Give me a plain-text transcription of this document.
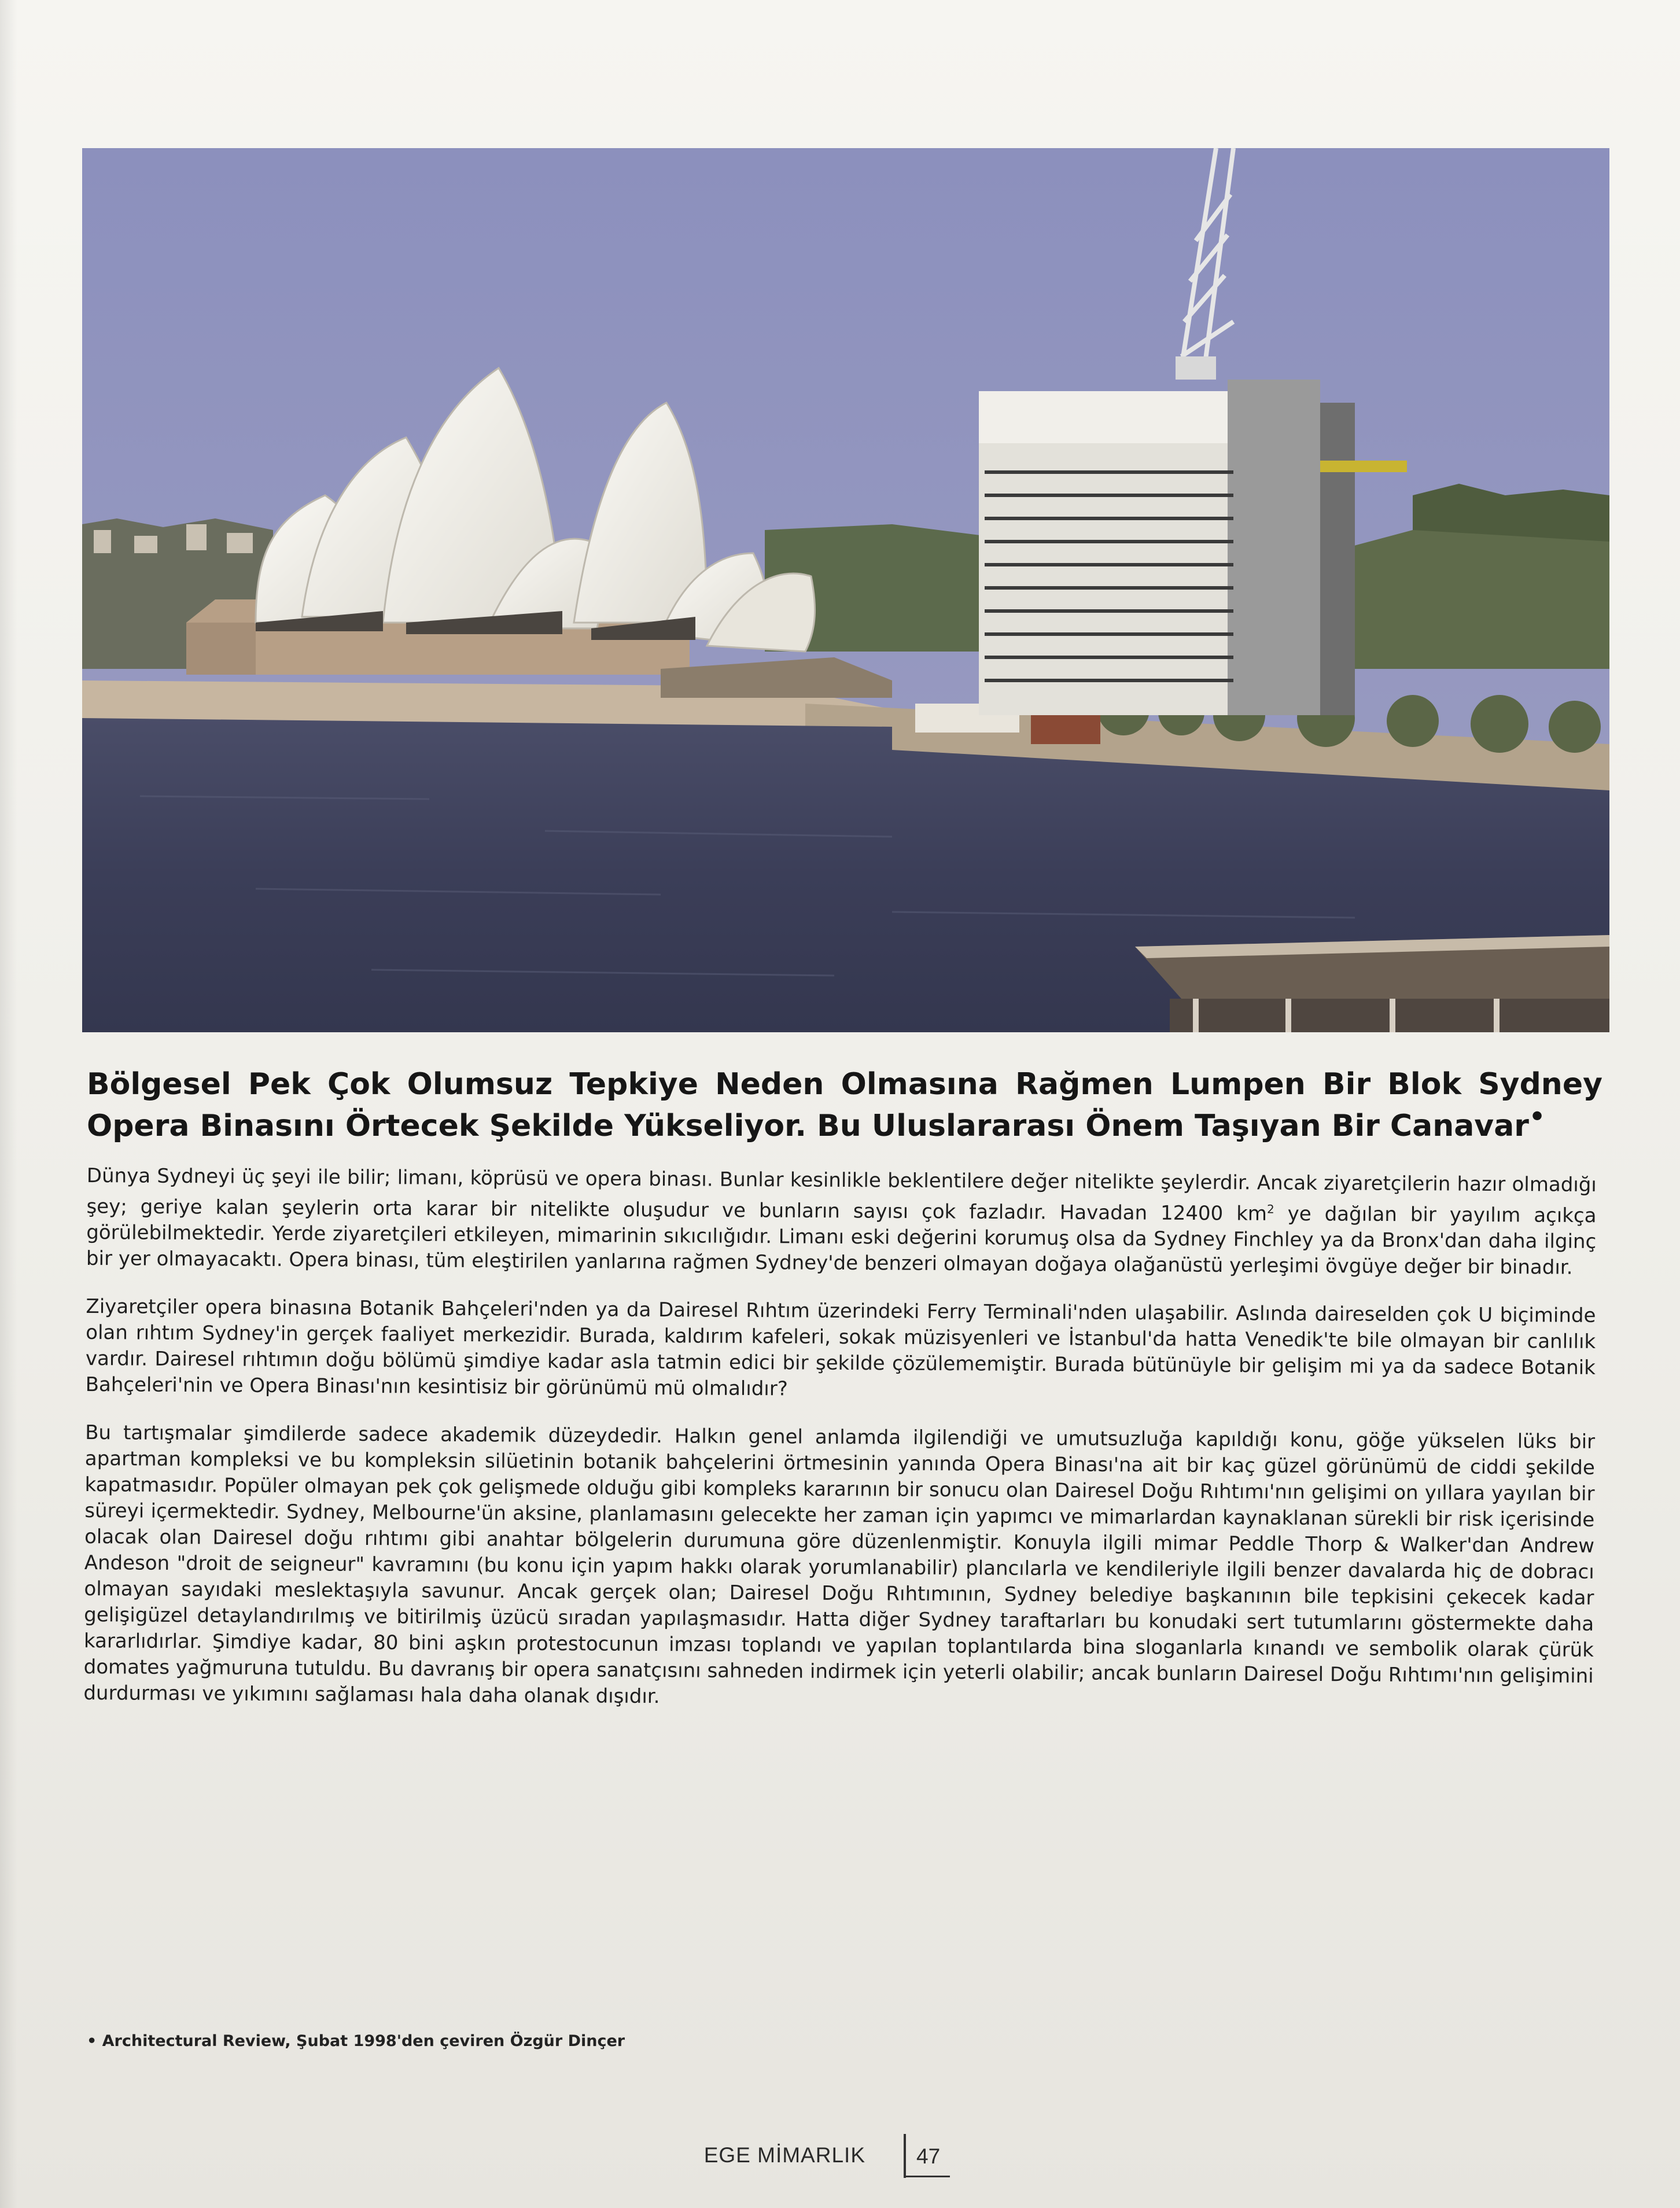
Bölgesel Pek Çok Olumsuz Tepkiye Neden Olmasına Rağmen Lumpen Bir Blok Sydney Opera Binasını Örtecek Şekilde Yükseliyor. Bu Uluslararası Önem Taşıyan Bir Canavar•

Dünya Sydneyi üç şeyi ile bilir; limanı, köprüsü ve opera binası. Bunlar kesinlikle beklentilere değer nitelikte şeylerdir. Ancak ziyaretçilerin hazır olmadığı şey; geriye kalan şeylerin orta karar bir nitelikte oluşudur ve bunların sayısı çok fazladır. Havadan 12400 $km^2$ ye dağılan bir yayılım açıkça görülebilmektedir. Yerde ziyaretçileri etkileyen, mimarinin sıkıcılığıdır. Limanı eski değerini korumuş olsa da Sydney Finchley ya da Bronx'dan daha ilginç bir yer olmayacaktı. Opera binası, tüm eleştirilen yanlarına rağmen Sydney'de benzeri olmayan doğaya olağanüstü yerleşimi övgüye değer bir binadır.

Ziyaretçiler opera binasına Botanik Bahçeleri'nden ya da Dairesel Rıhtım üzerindeki Ferry Terminali'nden ulaşabilir. Aslında daireselden çok U biçiminde olan rıhtım Sydney'in gerçek faaliyet merkezidir. Burada, kaldırım kafeleri, sokak müzisyenleri ve İstanbul'da hatta Venedik'te bile olmayan bir canlılık vardır. Dairesel rıhtımın doğu bölümü şimdiye kadar asla tatmin edici bir şekilde çözülememiştir. Burada bütünüyle bir gelişim mi ya da sadece Botanik Bahçeleri'nin ve Opera Binası'nın kesintisiz bir görünümü mü olmalıdır?

Bu tartışmalar şimdilerde sadece akademik düzeydedir. Halkın genel anlamda ilgilendiği ve umutsuzluğa kapıldığı konu, göğe yükselen lüks bir apartman kompleksi ve bu kompleksin silüetinin botanik bahçelerini örtmesinin yanında Opera Binası'na ait bir kaç güzel görünümü de ciddi şekilde kapatmasıdır. Popüler olmayan pek çok gelişmede olduğu gibi kompleks kararının bir sonucu olan Dairesel Doğu Rıhtımı'nın gelişimi on yıllara yayılan bir süreyi içermektedir. Sydney, Melbourne'ün aksine, planlamasını gelecekte her zaman için yapımcı ve mimarlardan kaynaklanan sürekli bir risk içerisinde olacak olan Dairesel doğu rıhtımı gibi anahtar bölgelerin durumuna göre düzenlenmiştir. Konuyla ilgili mimar Peddle Thorp & Walker'dan Andrew Andeson "droit de seigneur" kavramını (bu konu için yapım hakkı olarak yorumlanabilir) plancılarla ve kendileriyle ilgili benzer davalarda hiç de dobracı olmayan sayıdaki meslektaşıyla savunur. Ancak gerçek olan; Dairesel Doğu Rıhtımının, Sydney belediye başkanının bile tepkisini çekecek kadar gelişigüzel detaylandırılmış ve bitirilmiş üzücü sıradan yapılaşmasıdır. Hatta diğer Sydney taraftarları bu konudaki sert tutumlarını göstermekte daha kararlıdırlar. Şimdiye kadar, 80 bini aşkın protestocunun imzası toplandı ve yapılan toplantılarda bina sloganlarla kınandı ve sembolik olarak çürük domates yağmuruna tutuldu. Bu davranış bir opera sanatçısını sahneden indirmek için yeterli olabilir; ancak bunların Dairesel Doğu Rıhtımı'nın gelişimini durdurması ve yıkımını sağlaması hala daha olanak dışıdır.

• Architectural Review, Şubat 1998'den çeviren Özgür Dinçer
EGE MİMARLIK 47
